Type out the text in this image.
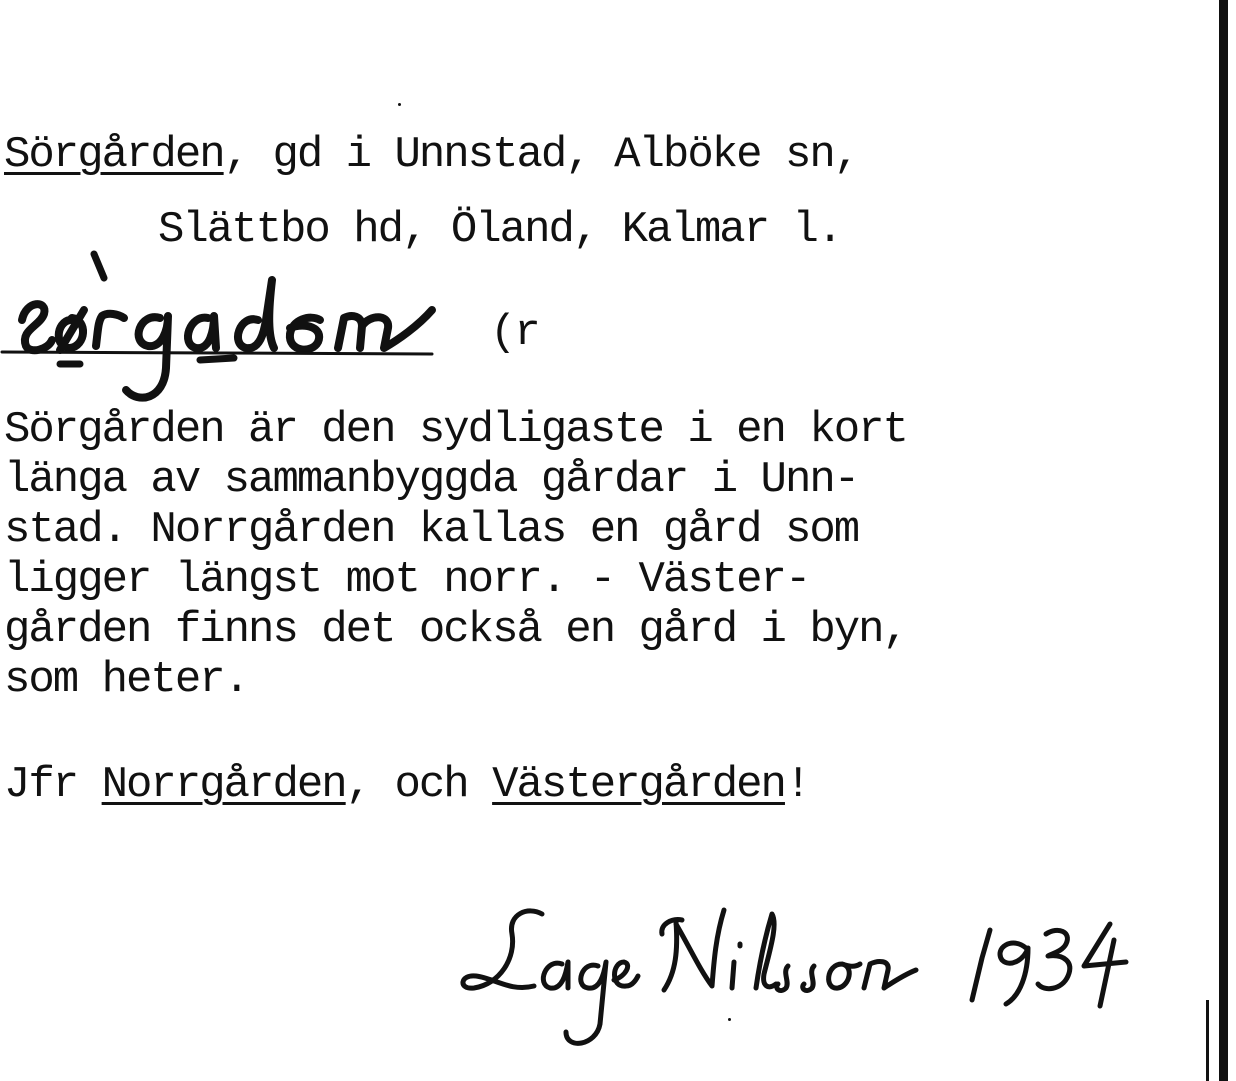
Sörgården, gd i Unnstad, Alböke sn,
Slättbo hd, Öland, Kalmar l.
(r

Sörgården är den sydligaste i en kort
länga av sammanbyggda gårdar i Unn-
stad. Norrgården kallas en gård som
ligger längst mot norr. - Väster-
gården finns det också en gård i byn,
som heter.

Jfr Norrgården, och Västergården!
